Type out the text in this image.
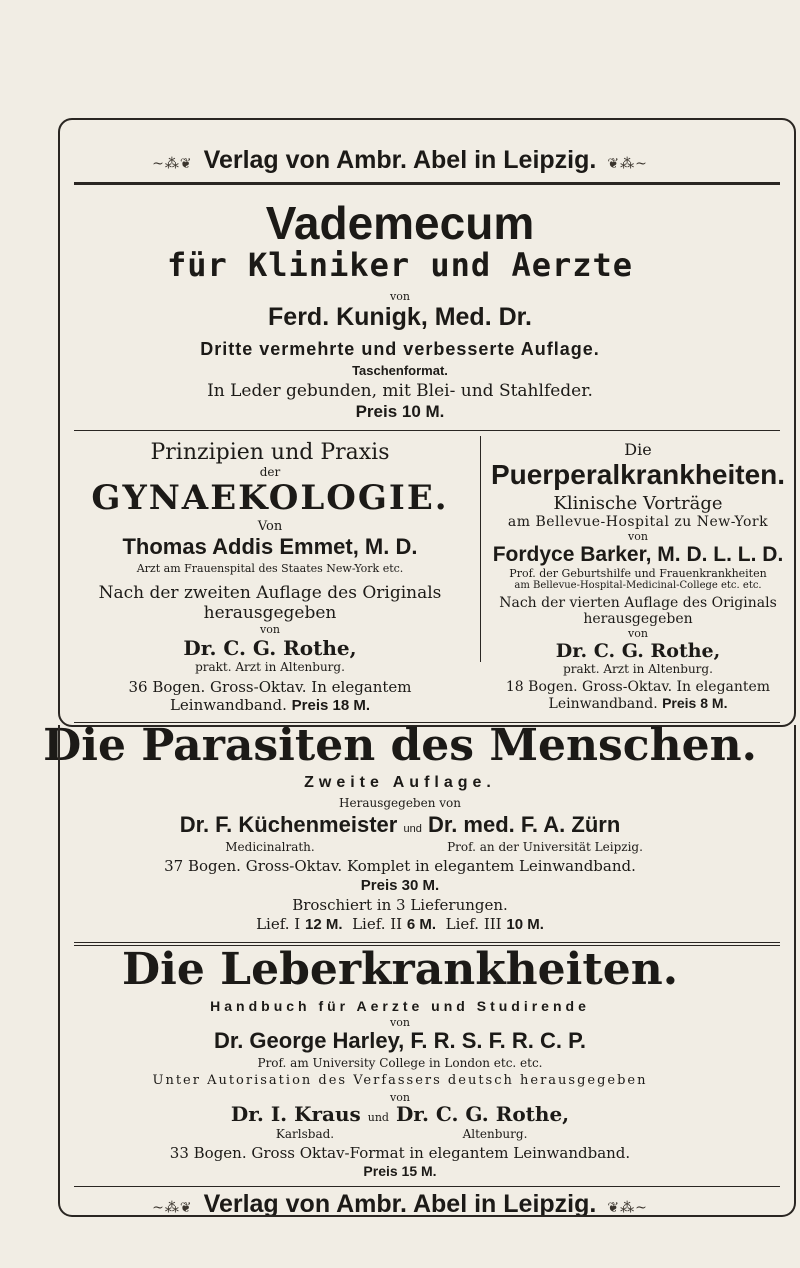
~⁂❦ Verlag von Ambr. Abel in Leipzig. ❦⁂~
Vademecum
für Kliniker und Aerzte
von
Ferd. Kunigk, Med. Dr.
Dritte vermehrte und verbesserte Auflage.
Taschenformat.
In Leder gebunden, mit Blei- und Stahlfeder.
Preis 10 M.
Prinzipien und Praxis
der
GYNAEKOLOGIE.
Von
Thomas Addis Emmet, M. D.
Arzt am Frauenspital des Staates New-York etc.
Nach der zweiten Auflage des Originals
herausgegeben
von
Dr. C. G. Rothe,
prakt. Arzt in Altenburg.
36 Bogen. Gross-Oktav. In elegantem
Leinwandband. Preis 18 M.
Die
Puerperalkrankheiten.
Klinische Vorträge
am Bellevue-Hospital zu New-York
von
Fordyce Barker, M. D. L. L. D.
Prof. der Geburtshilfe und Frauenkrankheiten
am Bellevue-Hospital-Medicinal-College etc. etc.
Nach der vierten Auflage des Originals
herausgegeben
von
Dr. C. G. Rothe,
prakt. Arzt in Altenburg.
18 Bogen. Gross-Oktav. In elegantem
Leinwandband. Preis 8 M.
Die Parasiten des Menschen.
Zweite Auflage.
Herausgegeben von
Dr. F. Küchenmeister und Dr. med. F. A. Zürn
Medicinalrath.	Prof. an der Universität Leipzig.
37 Bogen. Gross-Oktav. Komplet in elegantem Leinwandband.
Preis 30 M.
Broschiert in 3 Lieferungen.
Lief. I 12 M. Lief. II 6 M. Lief. III 10 M.
Die Leberkrankheiten.
Handbuch für Aerzte und Studirende
von
Dr. George Harley, F. R. S. F. R. C. P.
Prof. am University College in London etc. etc.
Unter Autorisation des Verfassers deutsch herausgegeben
von
Dr. I. Kraus und Dr. C. G. Rothe,
Karlsbad.	Altenburg.
33 Bogen. Gross Oktav-Format in elegantem Leinwandband.
Preis 15 M.
~⁂❦ Verlag von Ambr. Abel in Leipzig. ❦⁂~
